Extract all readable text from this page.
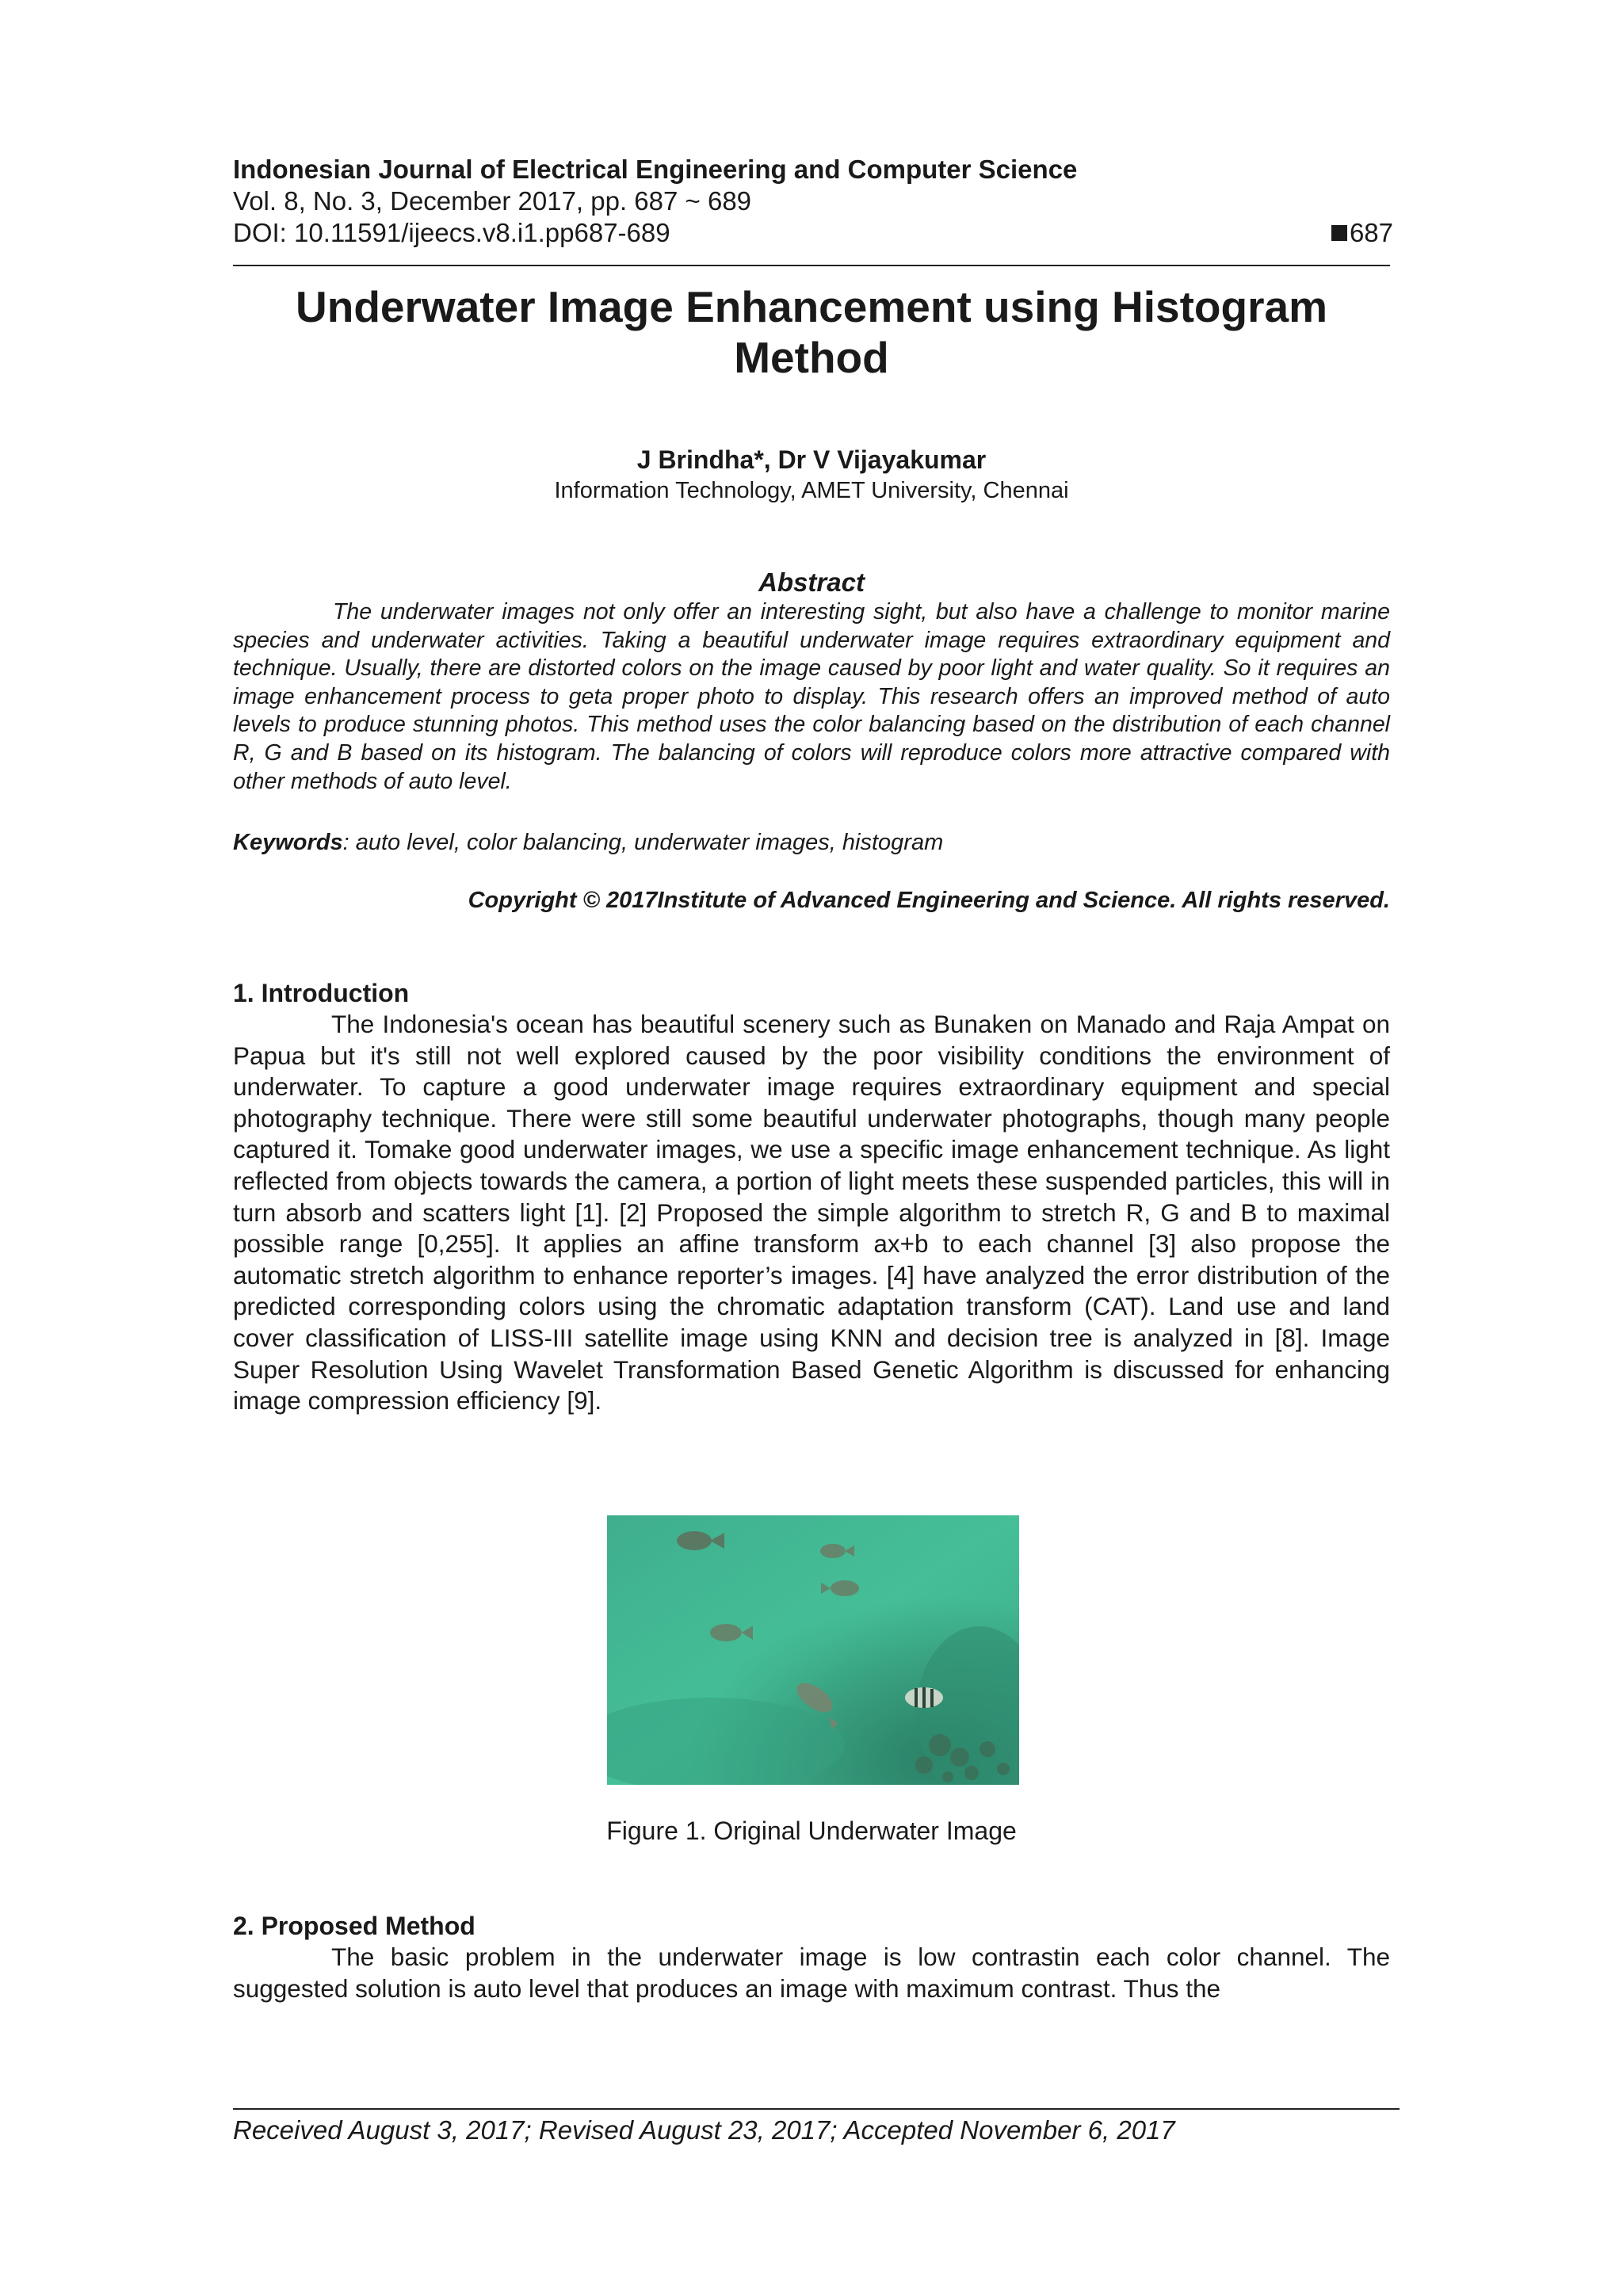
Indonesian Journal of Electrical Engineering and Computer Science
Vol. 8, No. 3, December 2017, pp. 687 ~ 689
DOI: 10.11591/ijeecs.v8.i1.pp687-689	687
Underwater Image Enhancement using Histogram Method
J Brindha*, Dr V Vijayakumar
Information Technology, AMET University, Chennai
Abstract
The underwater images not only offer an interesting sight, but also have a challenge to monitor marine species and underwater activities. Taking a beautiful underwater image requires extraordinary equipment and technique. Usually, there are distorted colors on the image caused by poor light and water quality. So it requires an image enhancement process to geta proper photo to display. This research offers an improved method of auto levels to produce stunning photos. This method uses the color balancing based on the distribution of each channel R, G and B based on its histogram. The balancing of colors will reproduce colors more attractive compared with other methods of auto level.
Keywords: auto level, color balancing, underwater images, histogram
Copyright © 2017Institute of Advanced Engineering and Science. All rights reserved.
1. Introduction
The Indonesia's ocean has beautiful scenery such as Bunaken on Manado and Raja Ampat on Papua but it's still not well explored caused by the poor visibility conditions the environment of underwater. To capture a good underwater image requires extraordinary equipment and special photography technique. There were still some beautiful underwater photographs, though many people captured it. Tomake good underwater images, we use a specific image enhancement technique. As light reflected from objects towards the camera, a portion of light meets these suspended particles, this will in turn absorb and scatters light [1]. [2] Proposed the simple algorithm to stretch R, G and B to maximal possible range [0,255]. It applies an affine transform ax+b to each channel [3] also propose the automatic stretch algorithm to enhance reporter’s images. [4] have analyzed the error distribution of the predicted corresponding colors using the chromatic adaptation transform (CAT). Land use and land cover classification of LISS-III satellite image using KNN and decision tree is analyzed in [8]. Image Super Resolution Using Wavelet Transformation Based Genetic Algorithm is discussed for enhancing image compression efficiency [9].
Figure 1. Original Underwater Image
2. Proposed Method
The basic problem in the underwater image is low contrastin each color channel. The suggested solution is auto level that produces an image with maximum contrast. Thus the
Received August 3, 2017; Revised August 23, 2017; Accepted November 6, 2017
